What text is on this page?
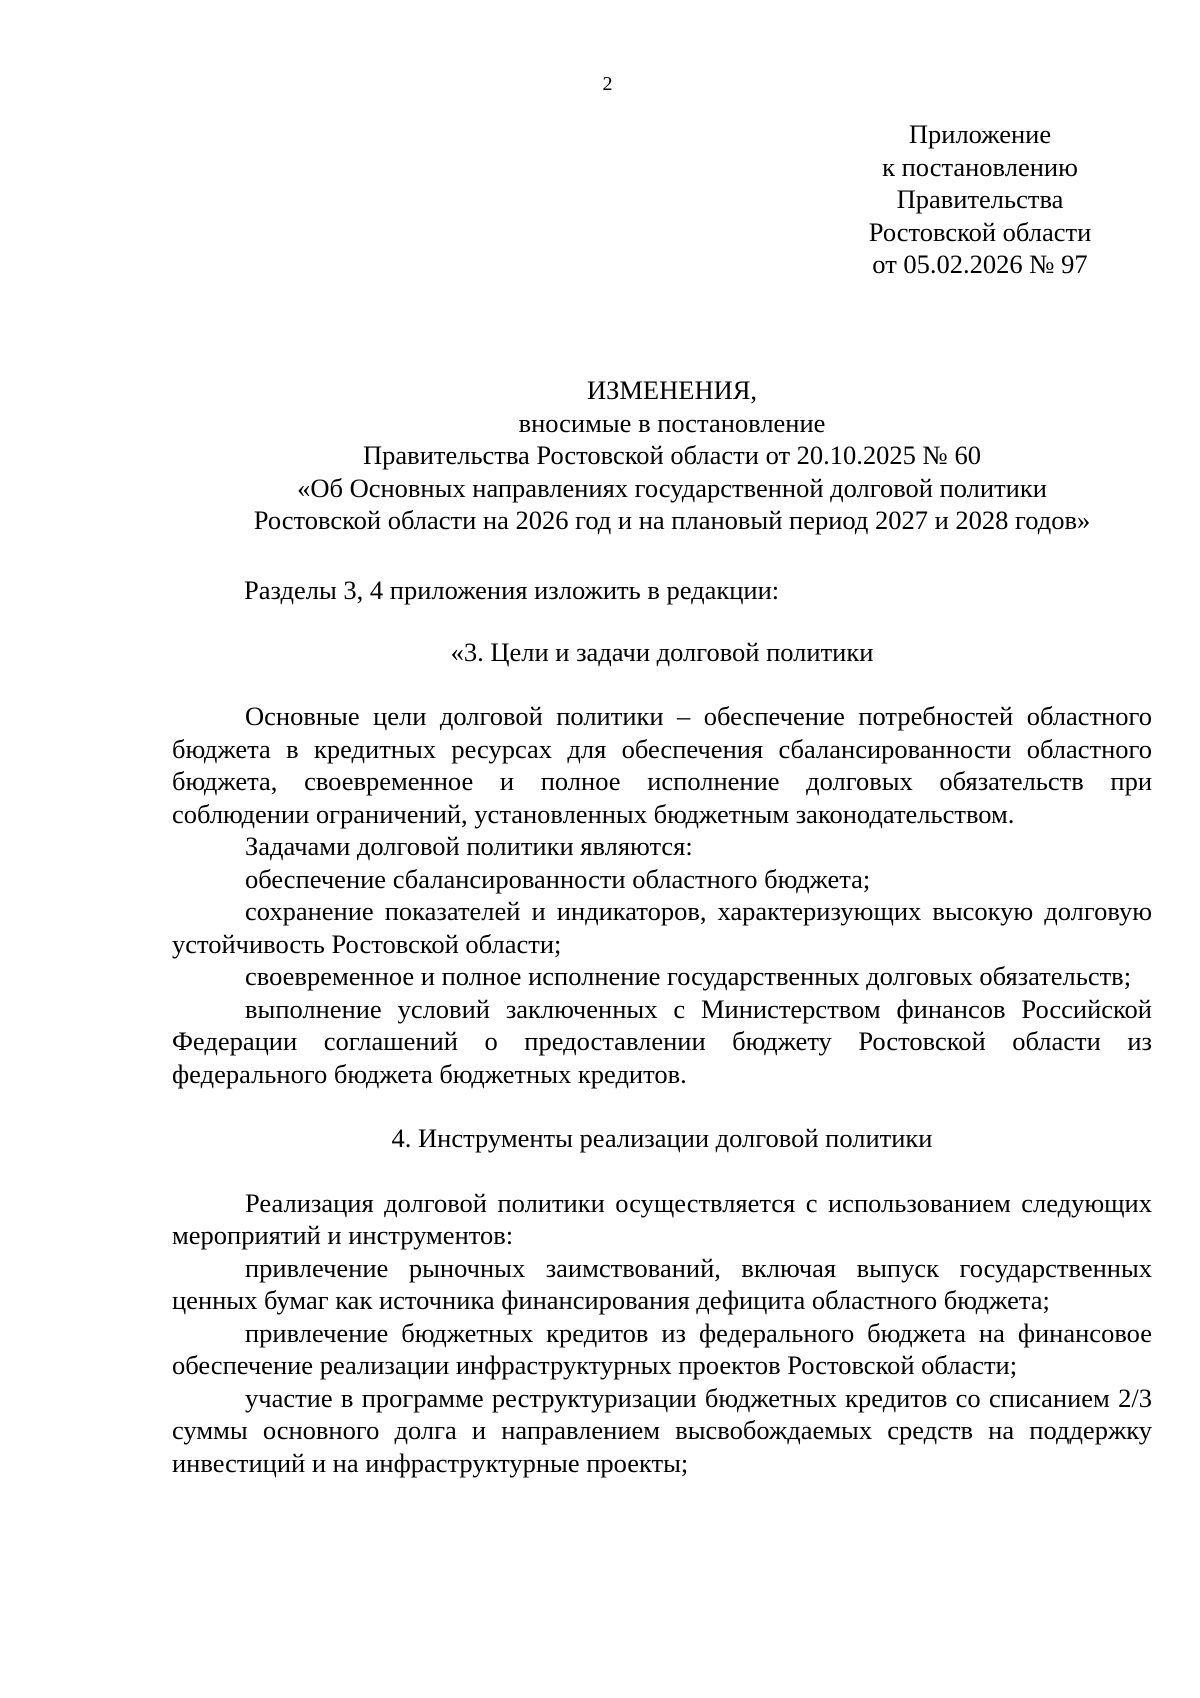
2
Приложение
к постановлению
Правительства
Ростовской области
от 05.02.2026 № 97
ИЗМЕНЕНИЯ,
вносимые в постановление
Правительства Ростовской области от 20.10.2025 № 60
«Об Основных направлениях государственной долговой политики
Ростовской области на 2026 год и на плановый период 2027 и 2028 годов»

Разделы 3, 4 приложения изложить в редакции:

«3. Цели и задачи долговой политики

Основные цели долговой политики – обеспечение потребностей областного бюджета в кредитных ресурсах для обеспечения сбалансированности областного бюджета, своевременное и полное исполнение долговых обязательств при соблюдении ограничений, установленных бюджетным законодательством.

Задачами долговой политики являются:

обеспечение сбалансированности областного бюджета;

сохранение показателей и индикаторов, характеризующих высокую долговую устойчивость Ростовской области;

своевременное и полное исполнение государственных долговых обязательств;

выполнение условий заключенных с Министерством финансов Российской Федерации соглашений о предоставлении бюджету Ростовской области из федерального бюджета бюджетных кредитов.

4. Инструменты реализации долговой политики

Реализация долговой политики осуществляется с использованием следующих мероприятий и инструментов:

привлечение рыночных заимствований, включая выпуск государственных ценных бумаг как источника финансирования дефицита областного бюджета;

привлечение бюджетных кредитов из федерального бюджета на финансовое обеспечение реализации инфраструктурных проектов Ростовской области;

участие в программе реструктуризации бюджетных кредитов со списанием 2/3 суммы основного долга и направлением высвобождаемых средств на поддержку инвестиций и на инфраструктурные проекты;
